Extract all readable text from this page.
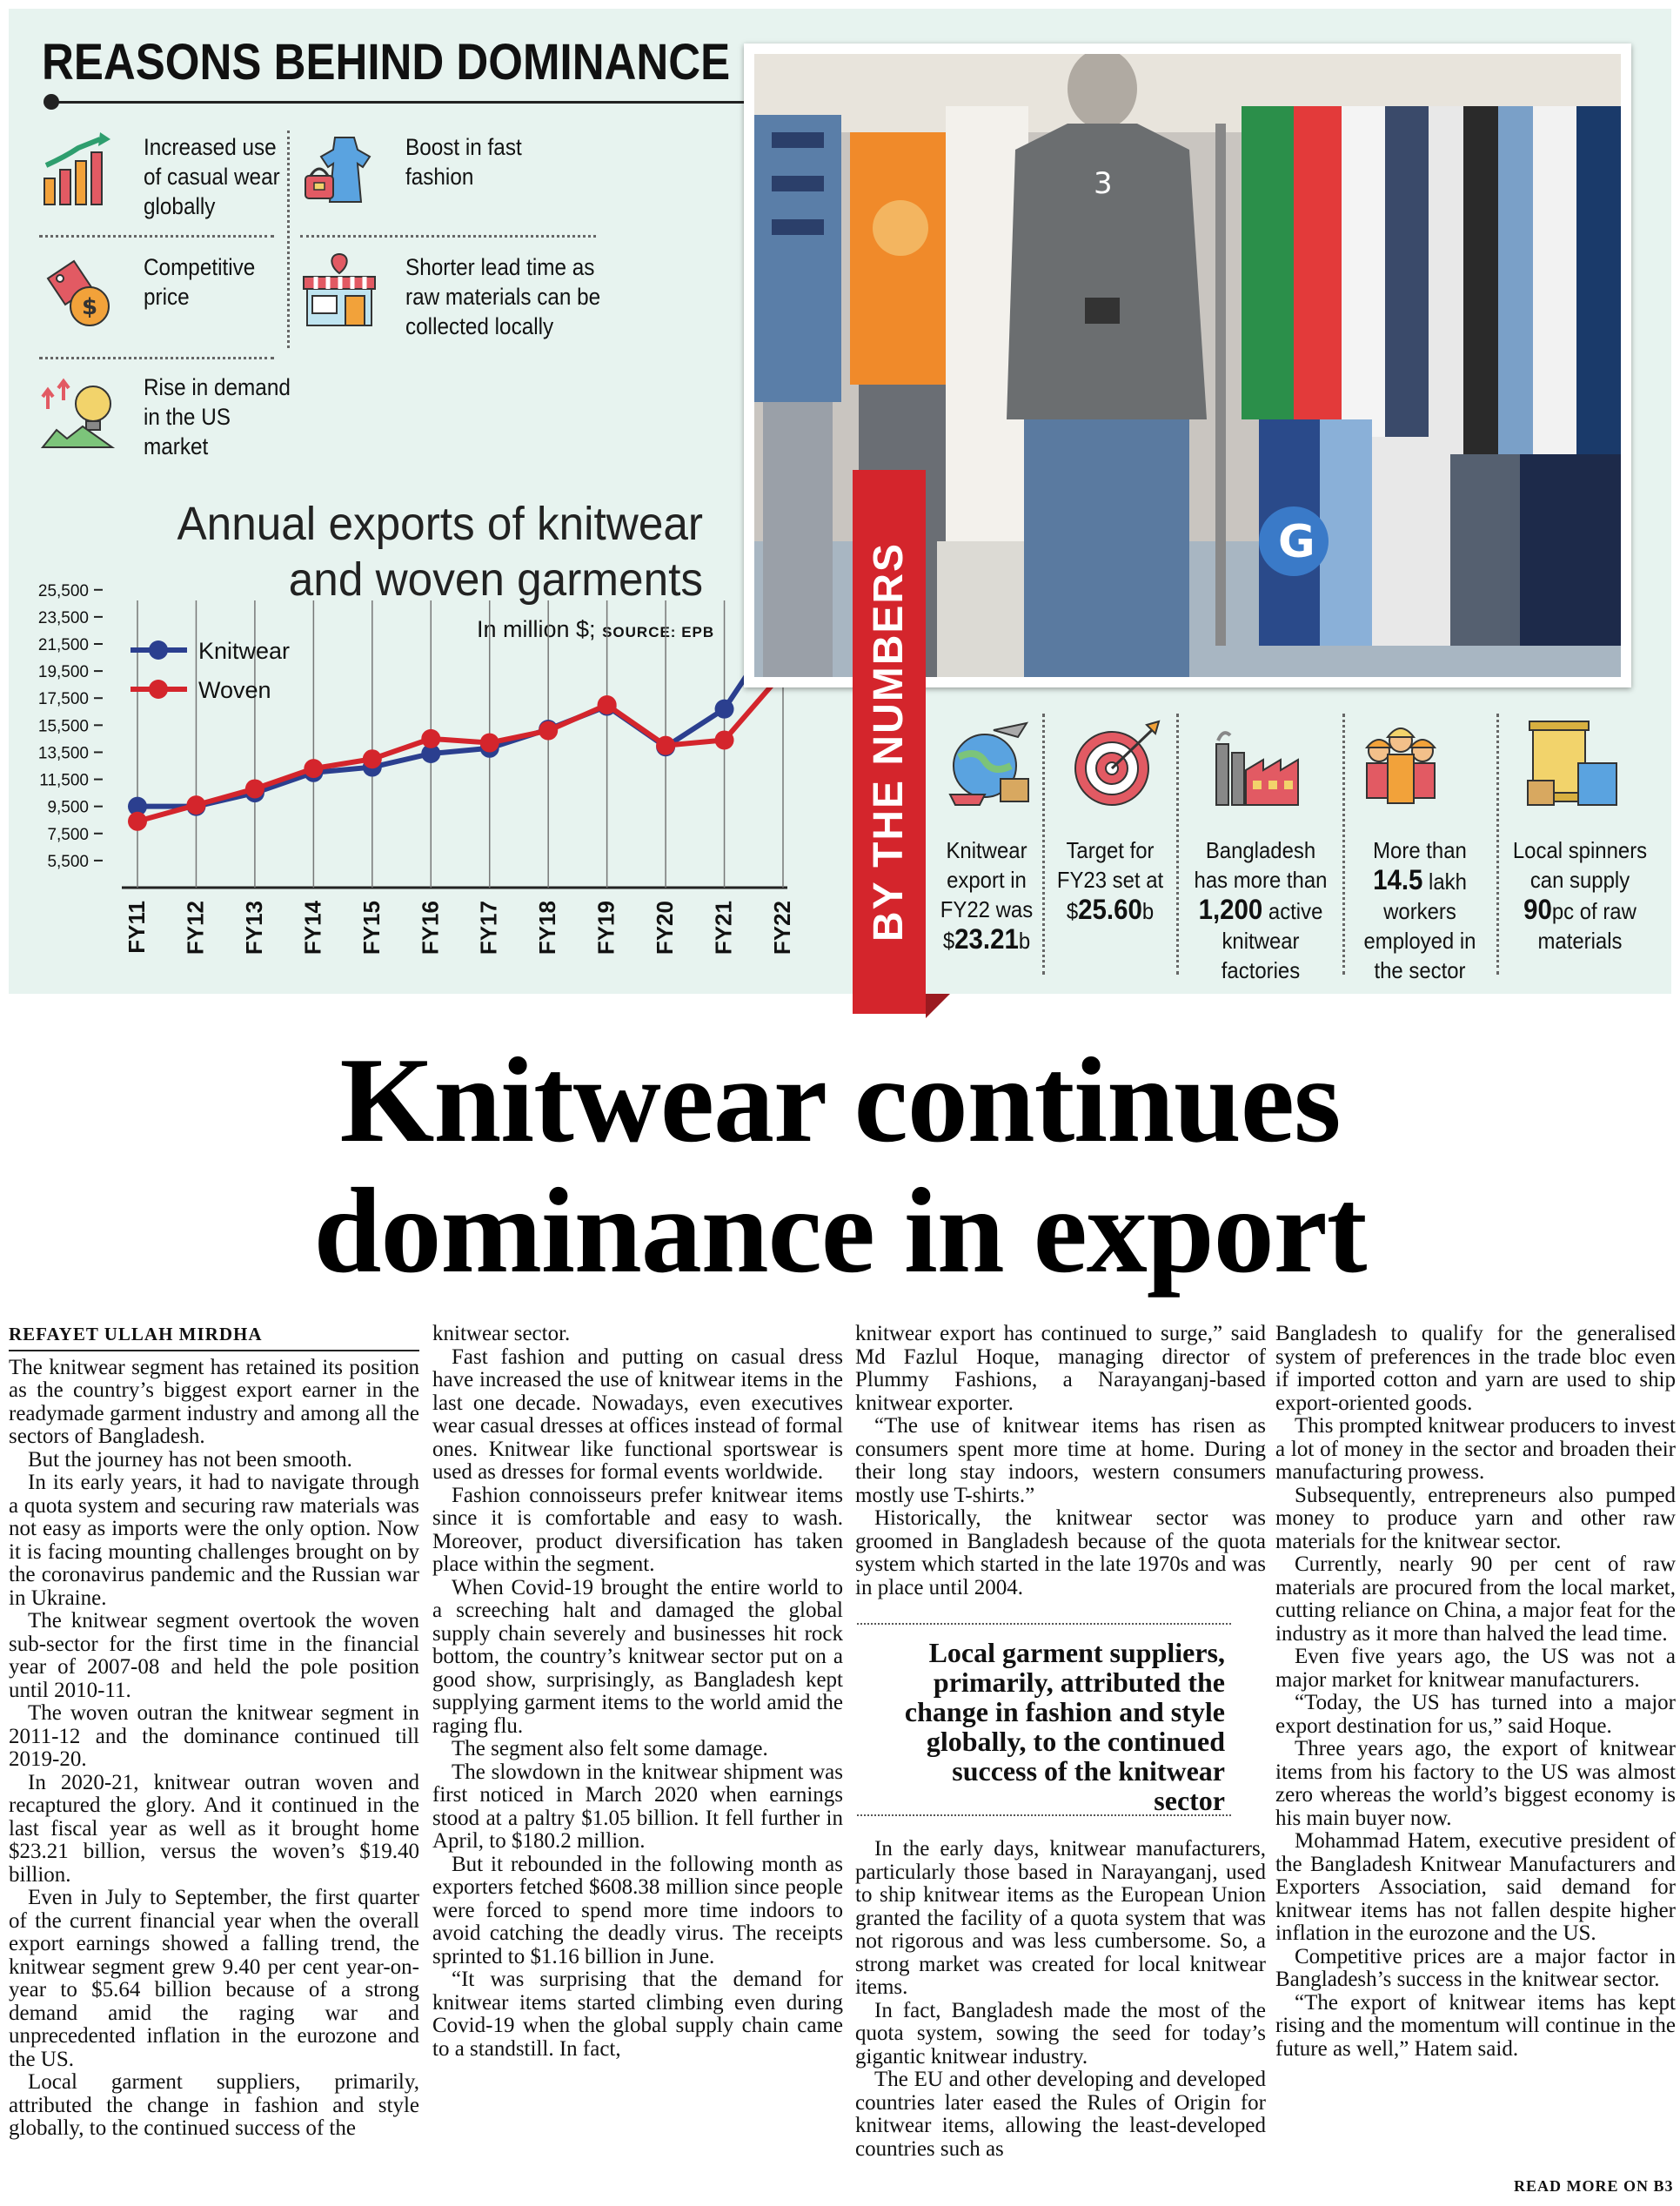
REASONS BEHIND DOMINANCE
$
Increased use
of casual wear
globally
Boost in fast
fashion
Competitive
price
Shorter lead time as
raw materials can be
collected locally
Rise in demand
in the US
market
Annual exports of knitwear
and woven garments
In million $; SOURCE: EPB
5,500
7,500
9,500
11,500
13,500
15,500
17,500
19,500
21,500
23,500
25,500
FY11 FY12 FY13 FY14 FY15 FY16 FY17 FY18 FY19 FY20 FY21 FY22
Knitwear
Woven
3
G
BY THE NUMBERS	Knitwear
export in
FY22 was
$23.21b
Target for
FY23 set at
$25.60b
Bangladesh
has more than
1,200 active
knitwear
factories
More than
14.5 lakh
workers
employed in
the sector
Local spinners
can supply
90pc of raw
materials
Knitwear continues
dominance in export
REFAYET ULLAH MIRDHA

The knitwear segment has retained its position as the country’s biggest export earner in the readymade garment industry and among all the sectors of Bangladesh.

But the journey has not been smooth.

In its early years, it had to navigate through a quota system and securing raw materials was not easy as imports were the only option. Now it is facing mounting challenges brought on by the coronavirus pandemic and the Russian war in Ukraine.

The knitwear segment overtook the woven sub-sector for the first time in the financial year of 2007-08 and held the pole position until 2010-11.

The woven outran the knitwear segment in 2011-12 and the dominance continued till 2019-20.

In 2020-21, knitwear outran woven and recaptured the glory. And it continued in the last fiscal year as well as it brought home $23.21 billion, versus the woven’s $19.40 billion.

Even in July to September, the first quarter of the current financial year when the overall export earnings showed a falling trend, the knitwear segment grew 9.40 per cent year-on-year to $5.64 billion because of a strong demand amid the raging war and unprecedented inflation in the eurozone and the US.

Local garment suppliers, primarily, attributed the change in fashion and style globally, to the continued success of the

knitwear sector.

Fast fashion and putting on casual dress have increased the use of knitwear items in the last one decade. Nowadays, even executives wear casual dresses at offices instead of formal ones. Knitwear like functional sportswear is used as dresses for formal events worldwide.

Fashion connoisseurs prefer knitwear items since it is comfortable and easy to wash. Moreover, product diversification has taken place within the segment.

When Covid-19 brought the entire world to a screeching halt and damaged the global supply chain severely and businesses hit rock bottom, the country’s knitwear sector put on a good show, surprisingly, as Bangladesh kept supplying garment items to the world amid the raging flu.

The segment also felt some damage.

The slowdown in the knitwear shipment was first noticed in March 2020 when earnings stood at a paltry $1.05 billion. It fell further in April, to $180.2 million.

But it rebounded in the following month as exporters fetched $608.38 million since people were forced to spend more time indoors to avoid catching the deadly virus. The receipts sprinted to $1.16 billion in June.

“It was surprising that the demand for knitwear items started climbing even during Covid-19 when the global supply chain came to a standstill. In fact,

knitwear export has continued to surge,” said Md Fazlul Hoque, managing director of Plummy Fashions, a Narayanganj-based knitwear exporter.

“The use of knitwear items has risen as consumers spent more time at home. During their long stay indoors, western consumers mostly use T-shirts.”

Historically, the knitwear sector was groomed in Bangladesh because of the quota system which started in the late 1970s and was in place until 2004.

Local garment suppliers, primarily, attributed the change in fashion and style globally, to the continued success of the knitwear sector

In the early days, knitwear manufacturers, particularly those based in Narayanganj, used to ship knitwear items as the European Union granted the facility of a quota system that was not rigorous and was less cumbersome. So, a strong market was created for local knitwear items.

In fact, Bangladesh made the most of the quota system, sowing the seed for today’s gigantic knitwear industry.

The EU and other developing and developed countries later eased the Rules of Origin for knitwear items, allowing the least-developed countries such as

Bangladesh to qualify for the generalised system of preferences in the trade bloc even if imported cotton and yarn are used to ship export-oriented goods.

This prompted knitwear producers to invest a lot of money in the sector and broaden their manufacturing prowess.

Subsequently, entrepreneurs also pumped money to produce yarn and other raw materials for the knitwear sector.

Currently, nearly 90 per cent of raw materials are procured from the local market, cutting reliance on China, a major feat for the industry as it more than halved the lead time.

Even five years ago, the US was not a major market for knitwear manufacturers.

“Today, the US has turned into a major export destination for us,” said Hoque.

Three years ago, the export of knitwear items from his factory to the US was almost zero whereas the world’s biggest economy is his main buyer now.

Mohammad Hatem, executive president of the Bangladesh Knitwear Manufacturers and Exporters Association, said demand for knitwear items has not fallen despite higher inflation in the eurozone and the US.

Competitive prices are a major factor in Bangladesh’s success in the knitwear sector.

“The export of knitwear items has kept rising and the momentum will continue in the future as well,” Hatem said.

READ MORE ON B3
